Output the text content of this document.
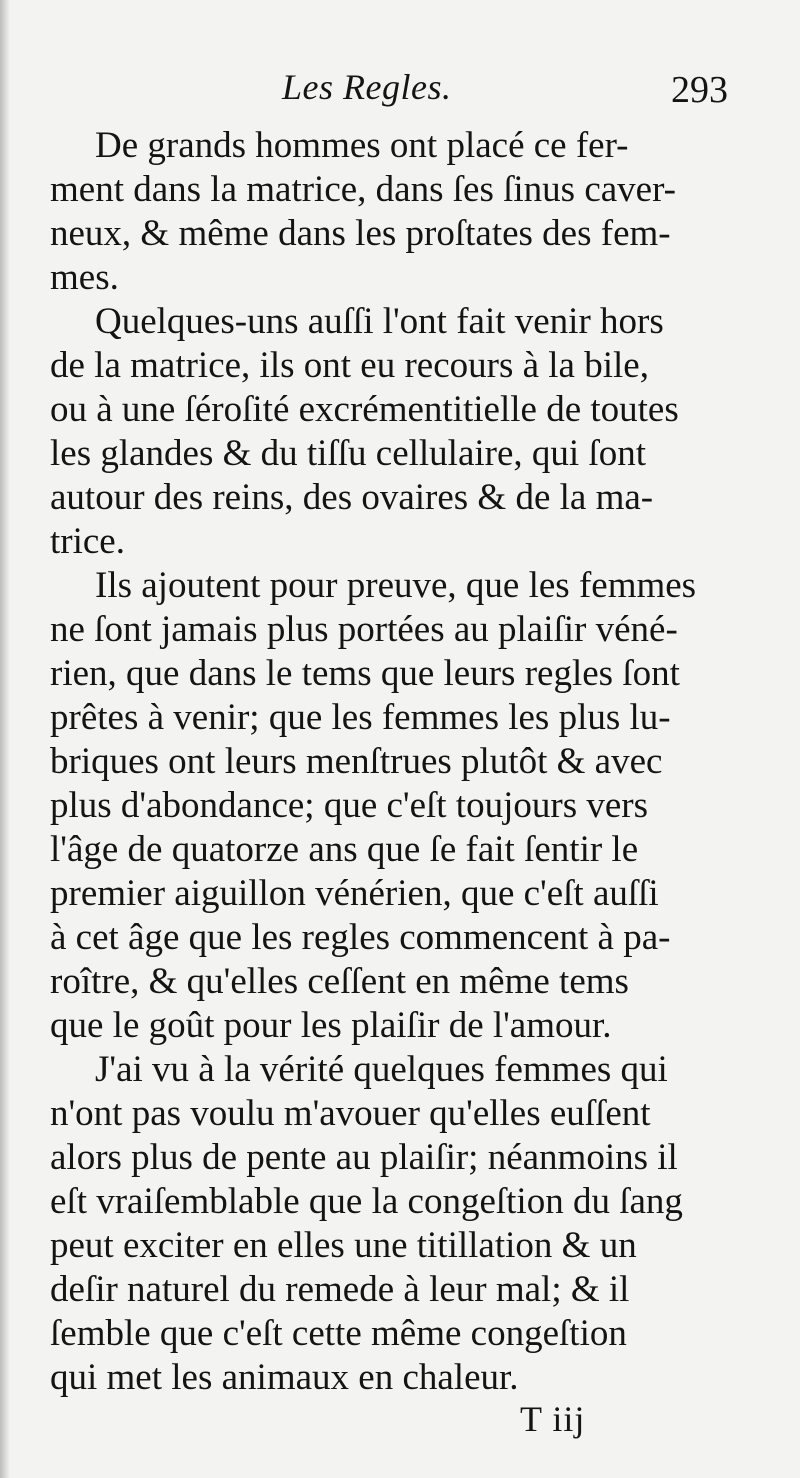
Les Regles.	293
De grands hommes ont placé ce fer-
ment dans la matrice, dans ſes ſinus caver-
neux, & même dans les proſtates des fem-
mes.
Quelques-uns auſſi l'ont fait venir hors
de la matrice, ils ont eu recours à la bile,
ou à une ſéroſité excrémentitielle de toutes
les glandes & du tiſſu cellulaire, qui ſont
autour des reins, des ovaires & de la ma-
trice.
Ils ajoutent pour preuve, que les femmes
ne ſont jamais plus portées au plaiſir véné-
rien, que dans le tems que leurs regles ſont
prêtes à venir; que les femmes les plus lu-
briques ont leurs menſtrues plutôt & avec
plus d'abondance; que c'eſt toujours vers
l'âge de quatorze ans que ſe fait ſentir le
premier aiguillon vénérien, que c'eſt auſſi
à cet âge que les regles commencent à pa-
roître, & qu'elles ceſſent en même tems
que le goût pour les plaiſir de l'amour.
J'ai vu à la vérité quelques femmes qui
n'ont pas voulu m'avouer qu'elles euſſent
alors plus de pente au plaiſir; néanmoins il
eſt vraiſemblable que la congeſtion du ſang
peut exciter en elles une titillation & un
deſir naturel du remede à leur mal; & il
ſemble que c'eſt cette même congeſtion
qui met les animaux en chaleur.
T iij
